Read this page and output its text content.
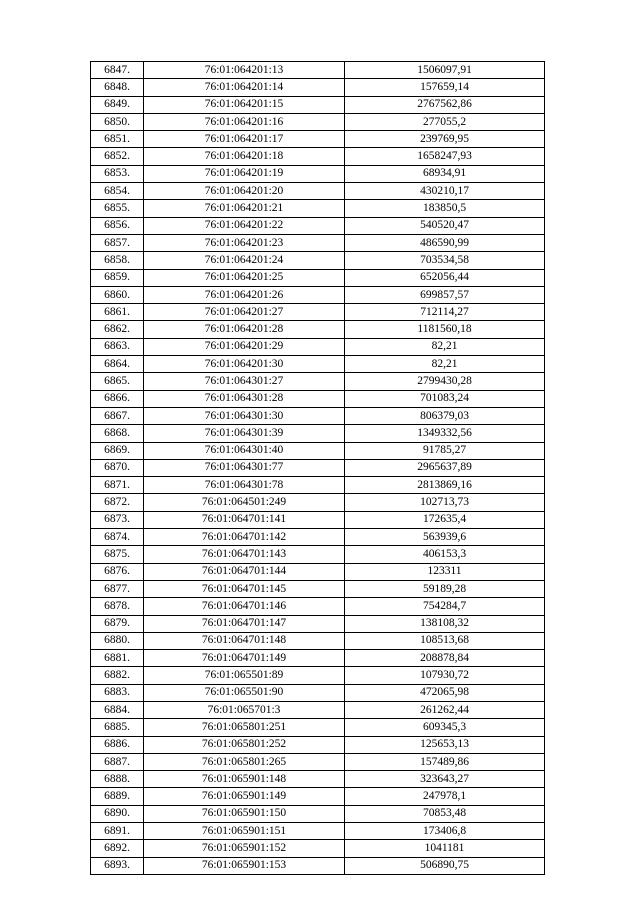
6847.	76:01:064201:13	1506097,91
6848.	76:01:064201:14	157659,14
6849.	76:01:064201:15	2767562,86
6850.	76:01:064201:16	277055,2
6851.	76:01:064201:17	239769,95
6852.	76:01:064201:18	1658247,93
6853.	76:01:064201:19	68934,91
6854.	76:01:064201:20	430210,17
6855.	76:01:064201:21	183850,5
6856.	76:01:064201:22	540520,47
6857.	76:01:064201:23	486590,99
6858.	76:01:064201:24	703534,58
6859.	76:01:064201:25	652056,44
6860.	76:01:064201:26	699857,57
6861.	76:01:064201:27	712114,27
6862.	76:01:064201:28	1181560,18
6863.	76:01:064201:29	82,21
6864.	76:01:064201:30	82,21
6865.	76:01:064301:27	2799430,28
6866.	76:01:064301:28	701083,24
6867.	76:01:064301:30	806379,03
6868.	76:01:064301:39	1349332,56
6869.	76:01:064301:40	91785,27
6870.	76:01:064301:77	2965637,89
6871.	76:01:064301:78	2813869,16
6872.	76:01:064501:249	102713,73
6873.	76:01:064701:141	172635,4
6874.	76:01:064701:142	563939,6
6875.	76:01:064701:143	406153,3
6876.	76:01:064701:144	123311
6877.	76:01:064701:145	59189,28
6878.	76:01:064701:146	754284,7
6879.	76:01:064701:147	138108,32
6880.	76:01:064701:148	108513,68
6881.	76:01:064701:149	208878,84
6882.	76:01:065501:89	107930,72
6883.	76:01:065501:90	472065,98
6884.	76:01:065701:3	261262,44
6885.	76:01:065801:251	609345,3
6886.	76:01:065801:252	125653,13
6887.	76:01:065801:265	157489,86
6888.	76:01:065901:148	323643,27
6889.	76:01:065901:149	247978,1
6890.	76:01:065901:150	70853,48
6891.	76:01:065901:151	173406,8
6892.	76:01:065901:152	1041181
6893.	76:01:065901:153	506890,75
